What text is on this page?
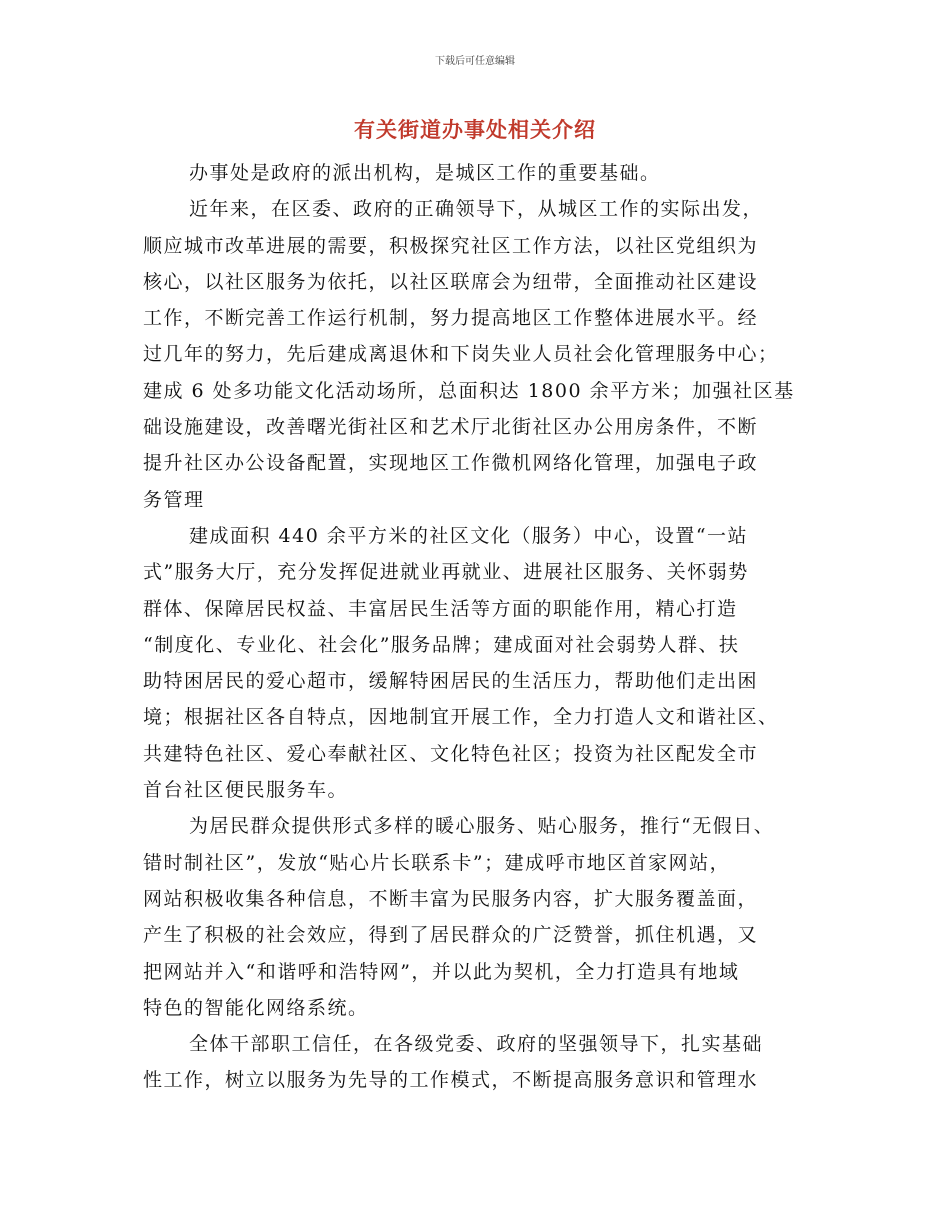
下载后可任意编辑
有关街道办事处相关介绍
办事处是政府的派出机构，是城区工作的重要基础。
近年来，在区委、政府的正确领导下，从城区工作的实际出发，
顺应城市改革进展的需要，积极探究社区工作方法，以社区党组织为
核心，以社区服务为依托，以社区联席会为纽带，全面推动社区建设
工作，不断完善工作运行机制，努力提高地区工作整体进展水平。经
过几年的努力，先后建成离退休和下岗失业人员社会化管理服务中心；
建成 6 处多功能文化活动场所，总面积达 1800 余平方米；加强社区基
础设施建设，改善曙光街社区和艺术厅北街社区办公用房条件，不断
提升社区办公设备配置，实现地区工作微机网络化管理，加强电子政
务管理
建成面积 440 余平方米的社区文化（服务）中心，设置“一站
式”服务大厅，充分发挥促进就业再就业、进展社区服务、关怀弱势
群体、保障居民权益、丰富居民生活等方面的职能作用，精心打造
“制度化、专业化、社会化”服务品牌；建成面对社会弱势人群、扶
助特困居民的爱心超市，缓解特困居民的生活压力，帮助他们走出困
境；根据社区各自特点，因地制宜开展工作，全力打造人文和谐社区、
共建特色社区、爱心奉献社区、文化特色社区；投资为社区配发全市
首台社区便民服务车。
为居民群众提供形式多样的暖心服务、贴心服务，推行“无假日、
错时制社区”，发放“贴心片长联系卡”；建成呼市地区首家网站，
网站积极收集各种信息，不断丰富为民服务内容，扩大服务覆盖面，
产生了积极的社会效应，得到了居民群众的广泛赞誉，抓住机遇，又
把网站并入“和谐呼和浩特网”，并以此为契机，全力打造具有地域
特色的智能化网络系统。
全体干部职工信任，在各级党委、政府的坚强领导下，扎实基础
性工作，树立以服务为先导的工作模式，不断提高服务意识和管理水
